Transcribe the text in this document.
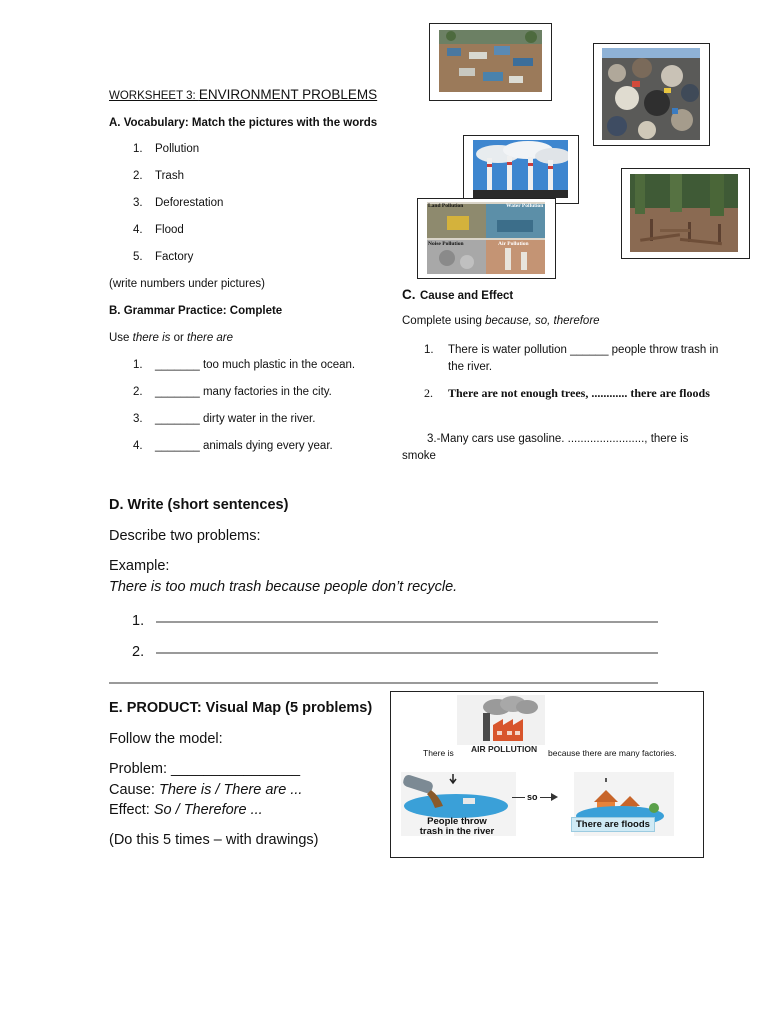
WORKSHEET 3: ENVIRONMENT PROBLEMS
A. Vocabulary: Match the pictures with the words
1. Pollution
2. Trash
3. Deforestation
4. Flood
5. Factory
(write numbers under pictures)
B. Grammar Practice: Complete
Use there is or there are
1. _______ too much plastic in the ocean.
2. _______ many factories in the city.
3. _______ dirty water in the river.
4. _______ animals dying every year.
Land Pollution	Water Pollution
Noise Pollution	Air Pollution
C. Cause and Effect
Complete using because, so, therefore
1. There is water pollution ______ people throw trash in the river.
2. There are not enough trees, ............ there are floods
3.-Many cars use gasoline. ........................, there is smoke
D. Write (short sentences)
Describe two problems:
Example:
There is too much trash because people don’t recycle.
1.
2.
E. PRODUCT: Visual Map (5 problems)
Follow the model:
Problem: ________________
Cause: There is / There are ...
Effect: So / Therefore ...
(Do this 5 times – with drawings)
There is AIR POLLUTION because there are many factories.
People throw
trash in the river
so
There are floods
